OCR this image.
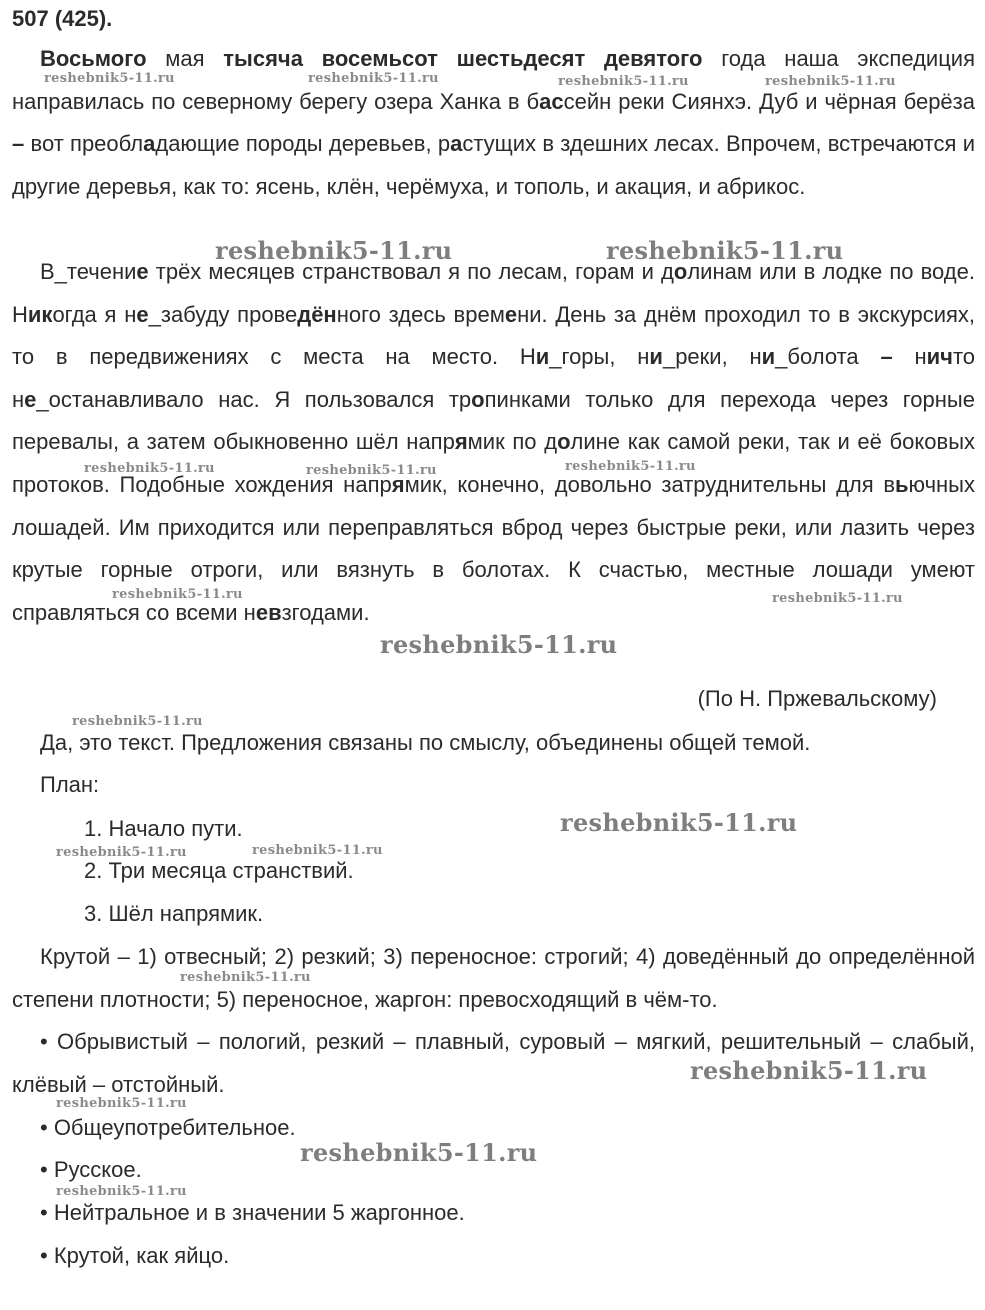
507 (425).
Восьмого мая тысяча восемьсот шестьдесят девятого года наша экспедиция направилась по северному берегу озера Ханка в бассейн реки Сиянхэ. Дуб и чёрная берёза – вот преобладающие породы деревьев, растущих в здешних лесах. Впрочем, встречаются и другие деревья, как то: ясень, клён, черёмуха, и тополь, и акация, и абрикос.
В_течение трёх месяцев странствовал я по лесам, горам и долинам или в лодке по воде. Никогда я не_забуду проведённого здесь времени. День за днём проходил то в экскурсиях, то в передвижениях с места на место. Ни_горы, ни_реки, ни_болота – ничто не_останавливало нас. Я пользовался тропинками только для перехода через горные перевалы, а затем обыкновенно шёл напрямик по долине как самой реки, так и её боковых протоков. Подобные хождения напрямик, конечно, довольно затруднительны для вьючных лошадей. Им приходится или переправляться вброд через быстрые реки, или лазить через крутые горные отроги, или вязнуть в болотах. К счастью, местные лошади умеют справляться со всеми невзгодами.
(По Н. Пржевальскому)
Да, это текст. Предложения связаны по смыслу, объединены общей темой.
План:
1. Начало пути.
2. Три месяца странствий.
3. Шёл напрямик.
Крутой – 1) отвесный; 2) резкий; 3) переносное: строгий; 4) доведённый до определённой степени плотности; 5) переносное, жаргон: превосходящий в чём-то.
• Обрывистый – пологий, резкий – плавный, суровый – мягкий, решительный – слабый, клёвый – отстойный.
• Общеупотребительное.
• Русское.
• Нейтральное и в значении 5 жаргонное.
• Крутой, как яйцо.
reshebnik5-11.ru	reshebnik5-11.ru	reshebnik5-11.ru	reshebnik5-11.ru
reshebnik5-11.ru	reshebnik5-11.ru
reshebnik5-11.ru	reshebnik5-11.ru	reshebnik5-11.ru
reshebnik5-11.ru	reshebnik5-11.ru
reshebnik5-11.ru
reshebnik5-11.ru
reshebnik5-11.ru
reshebnik5-11.ru	reshebnik5-11.ru
reshebnik5-11.ru
reshebnik5-11.ru
reshebnik5-11.ru
reshebnik5-11.ru
reshebnik5-11.ru
